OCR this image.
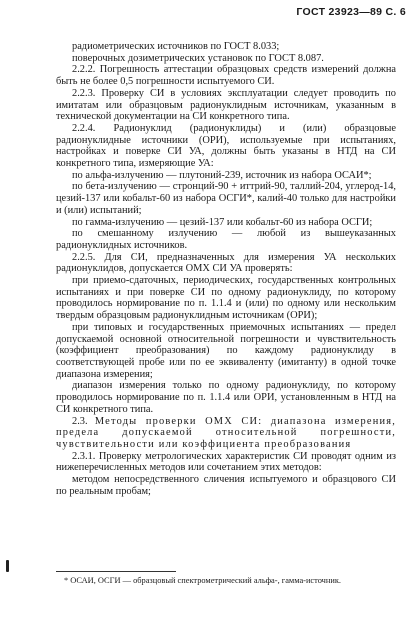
ГОСТ 23923—89 С. 6

радиометрических источников по ГОСТ 8.033;

поверочных дозиметрических установок по ГОСТ 8.087.

2.2.2. Погрешность аттестации образцовых средств измерений должна быть не более 0,5 погрешности испытуемого СИ.

2.2.3. Проверку СИ в условиях эксплуатации следует проводить по имитатам или образцовым радионуклидным источникам, указанным в технической документации на СИ конкретного типа.

2.2.4. Радионуклид (радионуклиды) и (или) образцовые радионуклидные источники (ОРИ), используемые при испытаниях, настройках и поверке СИ УА, должны быть указаны в НТД на СИ конкретного типа, измеряющие УА:

по альфа-излучению — плутоний-239, источник из набора ОСАИ*;

по бета-излучению — стронций-90 + иттрий-90, таллий-204, углерод-14, цезий-137 или кобальт-60 из набора ОСГИ*, калий-40 только для настройки и (или) испытаний;

по гамма-излучению — цезий-137 или кобальт-60 из набора ОСГИ;

по смешанному излучению — любой из вышеуказанных радионуклидных источников.

2.2.5. Для СИ, предназначенных для измерения УА нескольких радионуклидов, допускается ОМХ СИ УА проверять:

при приемо-сдаточных, периодических, государственных контрольных испытаниях и при поверке СИ по одному радионуклиду, по которому проводилось нормирование по п. 1.1.4 и (или) по одному или нескольким твердым образцовым радионуклидным источникам (ОРИ);

при типовых и государственных приемочных испытаниях — предел допускаемой основной относительной погрешности и чувствительность (коэффициент преобразования) по каждому радионуклиду в соответствующей пробе или по ее эквиваленту (имитанту) в одной точке диапазона измерения;

диапазон измерения только по одному радионуклиду, по которому проводилось нормирование по п. 1.1.4 или ОРИ, установленным в НТД на СИ конкретного типа.

2.3. Методы проверки ОМХ СИ: диапазона измерения, предела допускаемой относительной погрешности, чувствительности или коэффициента преобразования

2.3.1. Проверку метрологических характеристик СИ проводят одним из нижеперечисленных методов или сочетанием этих методов:

методом непосредственного сличения испытуемого и образцового СИ по реальным пробам;

* ОСАИ, ОСГИ — образцовый спектрометрический альфа-, гамма-источник.
